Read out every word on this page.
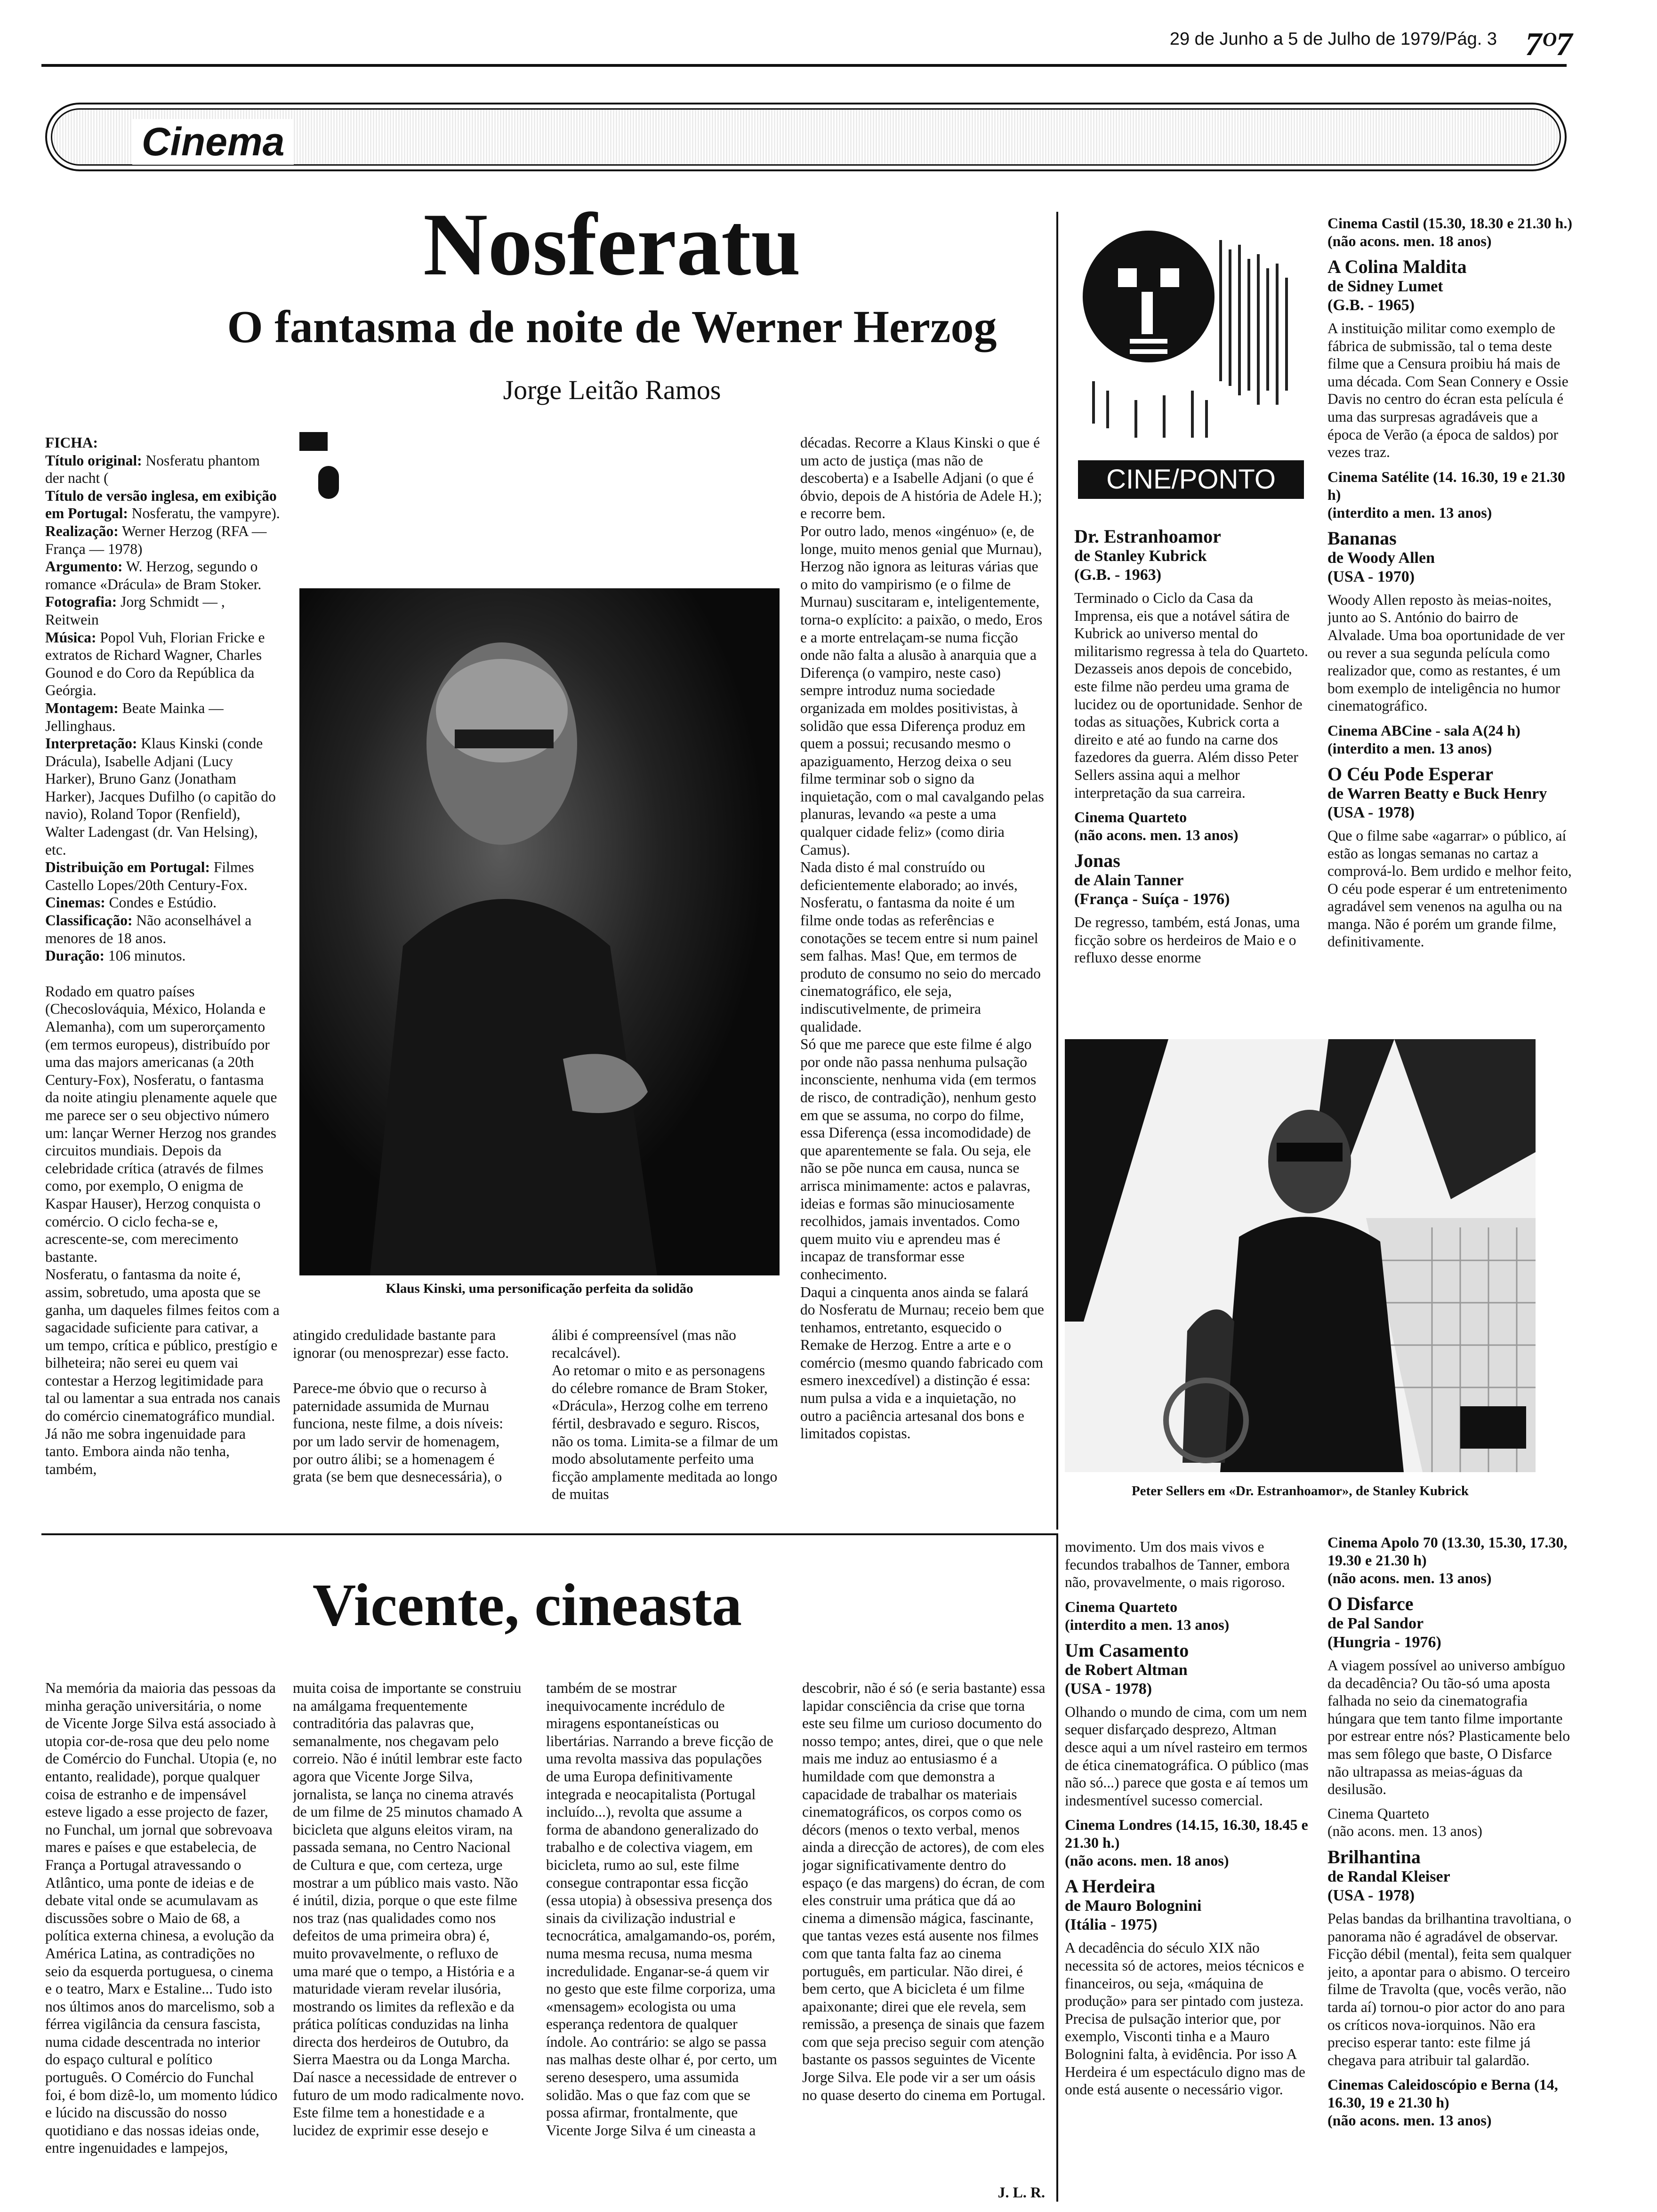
29 de Junho a 5 de Julho de 1979/Pág. 3 7ᴼ7
Cinema
Nosferatu
O fantasma de noite de Werner Herzog
Jorge Leitão Ramos

FICHA:

Título original: Nosferatu phantom der nacht (

Título de versão inglesa, em exibição em Portugal: Nosferatu, the vampyre).

Realização: Werner Herzog (RFA — França — 1978)

Argumento: W. Herzog, segundo o romance «Drácula» de Bram Stoker.

Fotografia: Jorg Schmidt — , Reitwein

Música: Popol Vuh, Florian Fricke e extratos de Richard Wagner, Charles Gounod e do Coro da República da Geórgia.

Montagem: Beate Mainka — Jellinghaus.

Interpretação: Klaus Kinski (conde Drácula), Isabelle Adjani (Lucy Harker), Bruno Ganz (Jonatham Harker), Jacques Dufilho (o capitão do navio), Roland Topor (Renfield), Walter Ladengast (dr. Van Helsing), etc.

Distribuição em Portugal: Filmes Castello Lopes/20th Century-Fox.

Cinemas: Condes e Estúdio.

Classificação: Não aconselhável a menores de 18 anos.

Duração: 106 minutos.

Rodado em quatro países (Checoslováquia, México, Holanda e Alemanha), com um superorçamento (em termos europeus), distribuído por uma das majors americanas (a 20th Century-Fox), Nosferatu, o fantasma da noite atingiu plenamente aquele que me parece ser o seu objectivo número um: lançar Werner Herzog nos grandes circuitos mundiais. Depois da celebridade crítica (através de filmes como, por exemplo, O enigma de Kaspar Hauser), Herzog conquista o comércio. O ciclo fecha-se e, acrescente-se, com merecimento bastante.

Nosferatu, o fantasma da noite é, assim, sobretudo, uma aposta que se ganha, um daqueles filmes feitos com a sagacidade suficiente para cativar, a um tempo, crítica e público, prestígio e bilheteira; não serei eu quem vai contestar a Herzog legitimidade para tal ou lamentar a sua entrada nos canais do comércio cinematográfico mundial. Já não me sobra ingenuidade para tanto. Embora ainda não tenha, também,

Klaus Kinski, uma personificação perfeita da solidão

atingido credulidade bastante para ignorar (ou menosprezar) esse facto.

Parece-me óbvio que o recurso à paternidade assumida de Murnau funciona, neste filme, a dois níveis: por um lado servir de homenagem, por outro álibi; se a homenagem é grata (se bem que desnecessária), o

álibi é compreensível (mas não recalcável).

Ao retomar o mito e as personagens do célebre romance de Bram Stoker, «Drácula», Herzog colhe em terreno fértil, desbravado e seguro. Riscos, não os toma. Limita-se a filmar de um modo absolutamente perfeito uma ficção amplamente meditada ao longo de muitas

décadas. Recorre a Klaus Kinski o que é um acto de justiça (mas não de descoberta) e a Isabelle Adjani (o que é óbvio, depois de A história de Adele H.); e recorre bem.

Por outro lado, menos «ingénuo» (e, de longe, muito menos genial que Murnau), Herzog não ignora as leituras várias que o mito do vampirismo (e o filme de Murnau) suscitaram e, inteligentemente, torna-o explícito: a paixão, o medo, Eros e a morte entrelaçam-se numa ficção onde não falta a alusão à anarquia que a Diferença (o vampiro, neste caso) sempre introduz numa sociedade organizada em moldes positivistas, à solidão que essa Diferença produz em quem a possui; recusando mesmo o apaziguamento, Herzog deixa o seu filme terminar sob o signo da inquietação, com o mal cavalgando pelas planuras, levando «a peste a uma qualquer cidade feliz» (como diria Camus).

Nada disto é mal construído ou deficientemente elaborado; ao invés, Nosferatu, o fantasma da noite é um filme onde todas as referências e conotações se tecem entre si num painel sem falhas. Mas! Que, em termos de produto de consumo no seio do mercado cinematográfico, ele seja, indiscutivelmente, de primeira qualidade.

Só que me parece que este filme é algo por onde não passa nenhuma pulsação inconsciente, nenhuma vida (em termos de risco, de contradição), nenhum gesto em que se assuma, no corpo do filme, essa Diferença (essa incomodidade) de que aparentemente se fala. Ou seja, ele não se põe nunca em causa, nunca se arrisca minimamente: actos e palavras, ideias e formas são minuciosamente recolhidos, jamais inventados. Como quem muito viu e aprendeu mas é incapaz de transformar esse conhecimento.

Daqui a cinquenta anos ainda se falará do Nosferatu de Murnau; receio bem que tenhamos, entretanto, esquecido o Remake de Herzog. Entre a arte e o comércio (mesmo quando fabricado com esmero inexcedível) a distinção é essa: num pulsa a vida e a inquietação, no outro a paciência artesanal dos bons e limitados copistas.

CINE/PONTO
Dr. Estranhoamor
de Stanley Kubrick
(G.B. - 1963)
Terminado o Ciclo da Casa da Imprensa, eis que a notável sátira de Kubrick ao universo mental do militarismo regressa à tela do Quarteto. Dezasseis anos depois de concebido, este filme não perdeu uma grama de lucidez ou de oportunidade. Senhor de todas as situações, Kubrick corta a direito e até ao fundo na carne dos fazedores da guerra. Além disso Peter Sellers assina aqui a melhor interpretação da sua carreira.
Cinema Quarteto
(não acons. men. 13 anos)
Jonas
de Alain Tanner
(França - Suíça - 1976)
De regresso, também, está Jonas, uma ficção sobre os herdeiros de Maio e o refluxo desse enorme
Cinema Castil (15.30, 18.30 e 21.30 h.)
(não acons. men. 18 anos)
A Colina Maldita
de Sidney Lumet
(G.B. - 1965)
A instituição militar como exemplo de fábrica de submissão, tal o tema deste filme que a Censura proibiu há mais de uma década. Com Sean Connery e Ossie Davis no centro do écran esta película é uma das surpresas agradáveis que a época de Verão (a época de saldos) por vezes traz.
Cinema Satélite (14. 16.30, 19 e 21.30 h)
(interdito a men. 13 anos)
Bananas
de Woody Allen
(USA - 1970)
Woody Allen reposto às meias-noites, junto ao S. António do bairro de Alvalade. Uma boa oportunidade de ver ou rever a sua segunda película como realizador que, como as restantes, é um bom exemplo de inteligência no humor cinematográfico.
Cinema ABCine - sala A(24 h)
(interdito a men. 13 anos)
O Céu Pode Esperar
de Warren Beatty e Buck Henry
(USA - 1978)
Que o filme sabe «agarrar» o público, aí estão as longas semanas no cartaz a comprová-lo. Bem urdido e melhor feito, O céu pode esperar é um entretenimento agradável sem venenos na agulha ou na manga. Não é porém um grande filme, definitivamente.
Peter Sellers em «Dr. Estranhoamor», de Stanley Kubrick
Vicente, cineasta

Na memória da maioria das pessoas da minha geração universitária, o nome de Vicente Jorge Silva está associado à utopia cor-de-rosa que deu pelo nome de Comércio do Funchal. Utopia (e, no entanto, realidade), porque qualquer coisa de estranho e de impensável esteve ligado a esse projecto de fazer, no Funchal, um jornal que sobrevoava mares e países e que estabelecia, de França a Portugal atravessando o Atlântico, uma ponte de ideias e de debate vital onde se acumulavam as discussões sobre o Maio de 68, a política externa chinesa, a evolução da América Latina, as contradições no seio da esquerda portuguesa, o cinema e o teatro, Marx e Estaline... Tudo isto nos últimos anos do marcelismo, sob a férrea vigilância da censura fascista, numa cidade descentrada no interior do espaço cultural e político português. O Comércio do Funchal foi, é bom dizê-lo, um momento lúdico e lúcido na discussão do nosso quotidiano e das nossas ideias onde, entre ingenuidades e lampejos,

muita coisa de importante se construiu na amálgama frequentemente contraditória das palavras que, semanalmente, nos chegavam pelo correio. Não é inútil lembrar este facto agora que Vicente Jorge Silva, jornalista, se lança no cinema através de um filme de 25 minutos chamado A bicicleta que alguns eleitos viram, na passada semana, no Centro Nacional de Cultura e que, com certeza, urge mostrar a um público mais vasto. Não é inútil, dizia, porque o que este filme nos traz (nas qualidades como nos defeitos de uma primeira obra) é, muito provavelmente, o refluxo de uma maré que o tempo, a História e a maturidade vieram revelar ilusória, mostrando os limites da reflexão e da prática políticas conduzidas na linha directa dos herdeiros de Outubro, da Sierra Maestra ou da Longa Marcha. Daí nasce a necessidade de entrever o futuro de um modo radicalmente novo. Este filme tem a honestidade e a lucidez de exprimir esse desejo e

também de se mostrar inequivocamente incrédulo de miragens espontaneísticas ou libertárias. Narrando a breve ficção de uma revolta massiva das populações de uma Europa definitivamente integrada e neocapitalista (Portugal incluído...), revolta que assume a forma de abandono generalizado do trabalho e de colectiva viagem, em bicicleta, rumo ao sul, este filme consegue contrapontar essa ficção (essa utopia) à obsessiva presença dos sinais da civilização industrial e tecnocrática, amalgamando-os, porém, numa mesma recusa, numa mesma incredulidade. Enganar-se-á quem vir no gesto que este filme corporiza, uma «mensagem» ecologista ou uma esperança redentora de qualquer índole. Ao contrário: se algo se passa nas malhas deste olhar é, por certo, um sereno desespero, uma assumida solidão. Mas o que faz com que se possa afirmar, frontalmente, que Vicente Jorge Silva é um cineasta a

descobrir, não é só (e seria bastante) essa lapidar consciência da crise que torna este seu filme um curioso documento do nosso tempo; antes, direi, que o que nele mais me induz ao entusiasmo é a humildade com que demonstra a capacidade de trabalhar os materiais cinematográficos, os corpos como os décors (menos o texto verbal, menos ainda a direcção de actores), de com eles jogar significativamente dentro do espaço (e das margens) do écran, de com eles construir uma prática que dá ao cinema a dimensão mágica, fascinante, que tantas vezes está ausente nos filmes com que tanta falta faz ao cinema português, em particular. Não direi, é bem certo, que A bicicleta é um filme apaixonante; direi que ele revela, sem remissão, a presença de sinais que fazem com que seja preciso seguir com atenção bastante os passos seguintes de Vicente Jorge Silva. Ele pode vir a ser um oásis no quase deserto do cinema em Portugal.

J. L. R.
movimento. Um dos mais vivos e fecundos trabalhos de Tanner, embora não, provavelmente, o mais rigoroso.
Cinema Quarteto
(interdito a men. 13 anos)
Um Casamento
de Robert Altman
(USA - 1978)
Olhando o mundo de cima, com um nem sequer disfarçado desprezo, Altman desce aqui a um nível rasteiro em termos de ética cinematográfica. O público (mas não só...) parece que gosta e aí temos um indesmentível sucesso comercial.
Cinema Londres (14.15, 16.30, 18.45 e 21.30 h.)
(não acons. men. 18 anos)
A Herdeira
de Mauro Bolognini
(Itália - 1975)
A decadência do século XIX não necessita só de actores, meios técnicos e financeiros, ou seja, «máquina de produção» para ser pintado com justeza. Precisa de pulsação interior que, por exemplo, Visconti tinha e a Mauro Bolognini falta, à evidência. Por isso A Herdeira é um espectáculo digno mas de onde está ausente o necessário vigor.
Cinema Apolo 70 (13.30, 15.30, 17.30, 19.30 e 21.30 h)
(não acons. men. 13 anos)
O Disfarce
de Pal Sandor
(Hungria - 1976)
A viagem possível ao universo ambíguo da decadência? Ou tão-só uma aposta falhada no seio da cinematografia húngara que tem tanto filme importante por estrear entre nós? Plasticamente belo mas sem fôlego que baste, O Disfarce não ultrapassa as meias-águas da desilusão.
Cinema Quarteto
(não acons. men. 13 anos)
Brilhantina
de Randal Kleiser
(USA - 1978)
Pelas bandas da brilhantina travoltiana, o panorama não é agradável de observar. Ficção débil (mental), feita sem qualquer jeito, a apontar para o abismo. O terceiro filme de Travolta (que, vocês verão, não tarda aí) tornou-o pior actor do ano para os críticos nova-iorquinos. Não era preciso esperar tanto: este filme já chegava para atribuir tal galardão.
Cinemas Caleidoscópio e Berna (14, 16.30, 19 e 21.30 h)
(não acons. men. 13 anos)
